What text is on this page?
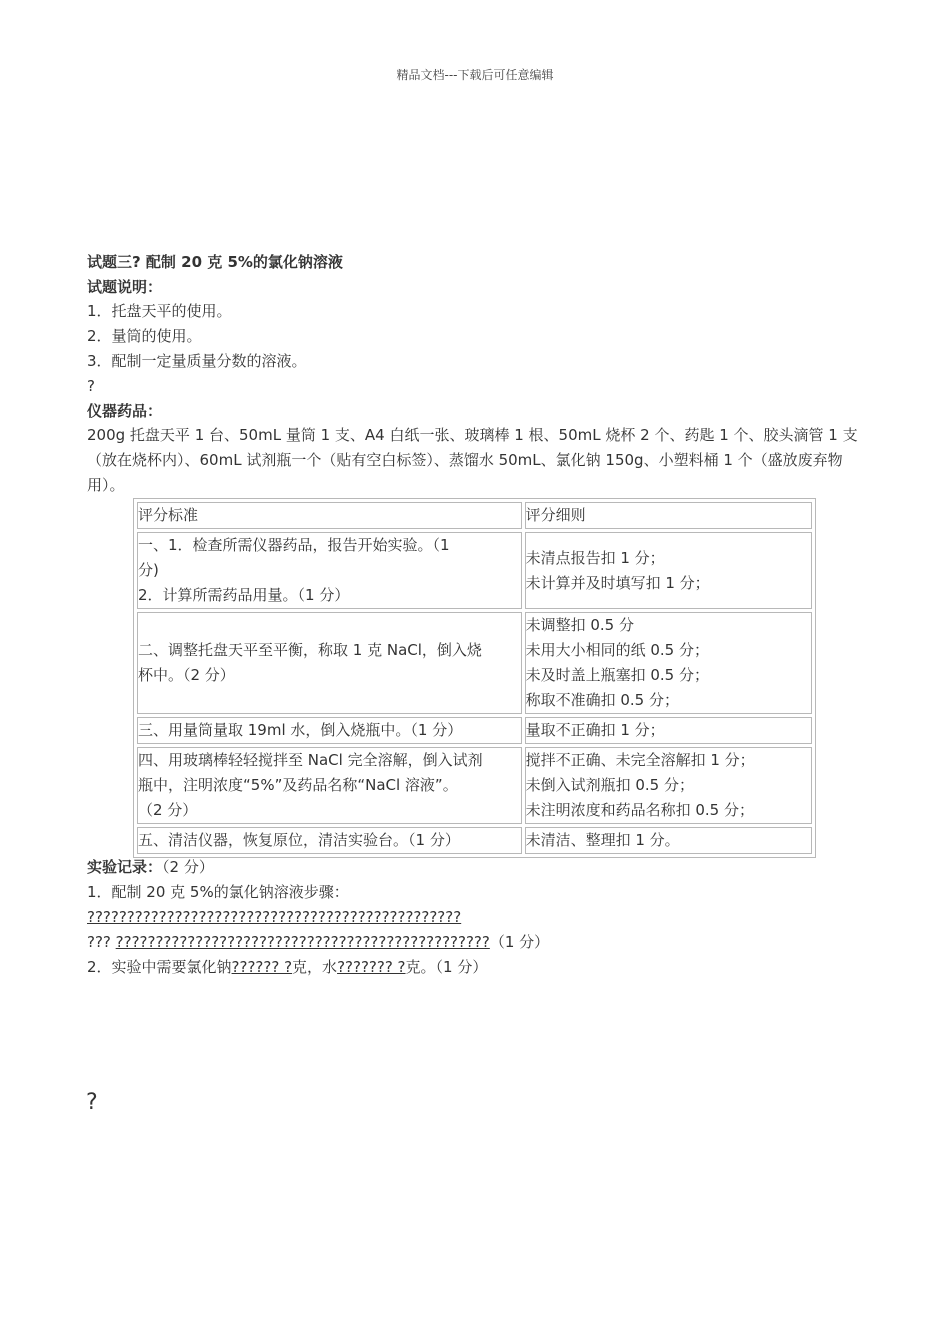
精品文档---下载后可任意编辑
试题三? 配制 20 克 5%的氯化钠溶液
试题说明：
1．托盘天平的使用。
2．量筒的使用。
3．配制一定量质量分数的溶液。
?
仪器药品：
200g 托盘天平 1 台、50mL 量筒 1 支、A4 白纸一张、玻璃棒 1 根、50mL 烧杯 2 个、药匙 1 个、胶头滴管 1 支（放在烧杯内）、60mL 试剂瓶一个（贴有空白标签）、蒸馏水 50mL、氯化钠 150g、小塑料桶 1 个（盛放废弃物用）。
评分标准	评分细则

一、1．检查所需仪器药品，报告开始实验。（1
分)
2．计算所需药品用量。（1 分）	未清点报告扣 1 分；
未计算并及时填写扣 1 分；

二、调整托盘天平至平衡，称取 1 克 NaCl，倒入烧
杯中。（2 分）	未调整扣 0.5 分
未用大小相同的纸 0.5 分；
未及时盖上瓶塞扣 0.5 分；
称取不准确扣 0.5 分；

三、用量筒量取 19ml 水，倒入烧瓶中。（1 分）	量取不正确扣 1 分；

四、用玻璃棒轻轻搅拌至 NaCl 完全溶解，倒入试剂
瓶中，注明浓度“5%”及药品名称“NaCl 溶液”。
（2 分）	搅拌不正确、未完全溶解扣 1 分；
未倒入试剂瓶扣 0.5 分；
未注明浓度和药品名称扣 0.5 分；

五、清洁仪器，恢复原位，清洁实验台。（1 分）	未清洁、整理扣 1 分。
实验记录：（2 分）
1．配制 20 克 5%的氯化钠溶液步骤：
???????????????????????????????????????????????
??? ???????????????????????????????????????????????（1 分）
2．实验中需要氯化钠?????? ?克，水??????? ?克。（1 分）
?
